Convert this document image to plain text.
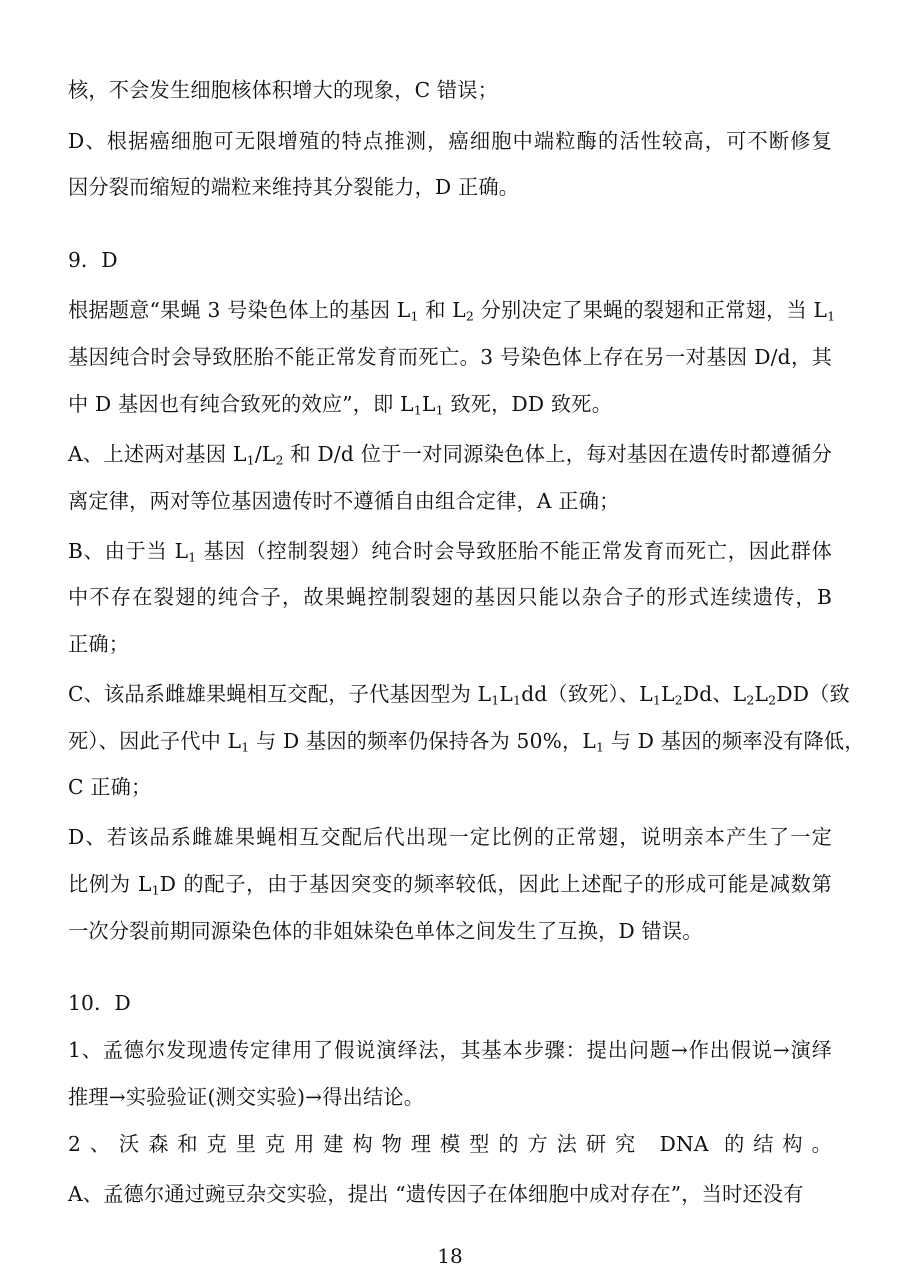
核，不会发生细胞核体积增大的现象，C 错误；
D、根据癌细胞可无限增殖的特点推测，癌细胞中端粒酶的活性较高，可不断修复
因分裂而缩短的端粒来维持其分裂能力，D 正确。
9．D
根据题意“果蝇 3 号染色体上的基因 $L_1$ 和 $L_2$ 分别决定了果蝇的裂翅和正常翅，当 $L_1$
基因纯合时会导致胚胎不能正常发育而死亡。3 号染色体上存在另一对基因 D/d，其
中 D 基因也有纯合致死的效应”，即 $L_1L_1$ 致死，DD 致死。
A、上述两对基因 $L_1/L_2$ 和 D/d 位于一对同源染色体上，每对基因在遗传时都遵循分
离定律，两对等位基因遗传时不遵循自由组合定律，A 正确；
B、由于当 $L_1$ 基因（控制裂翅）纯合时会导致胚胎不能正常发育而死亡，因此群体
中不存在裂翅的纯合子，故果蝇控制裂翅的基因只能以杂合子的形式连续遗传，B
正确；
C、该品系雌雄果蝇相互交配，子代基因型为 $L_1L_1dd$（致死）、$L_1L_2Dd$、$L_2L_2DD$（致
死）、因此子代中 $L_1$ 与 D 基因的频率仍保持各为 50%，$L_1$ 与 D 基因的频率没有降低，
C 正确；
D、若该品系雌雄果蝇相互交配后代出现一定比例的正常翅，说明亲本产生了一定
比例为 $L_1D$ 的配子，由于基因突变的频率较低，因此上述配子的形成可能是减数第
一次分裂前期同源染色体的非姐妹染色单体之间发生了互换，D 错误。
10．D
1、孟德尔发现遗传定律用了假说演绎法，其基本步骤：提出问题→作出假说→演绎
推理→实验验证(测交实验)→得出结论。
2、沃森和克里克用建构物理模型的方法研究 DNA 的结构。
A、孟德尔通过豌豆杂交实验，提出 “遗传因子在体细胞中成对存在”，当时还没有
18
